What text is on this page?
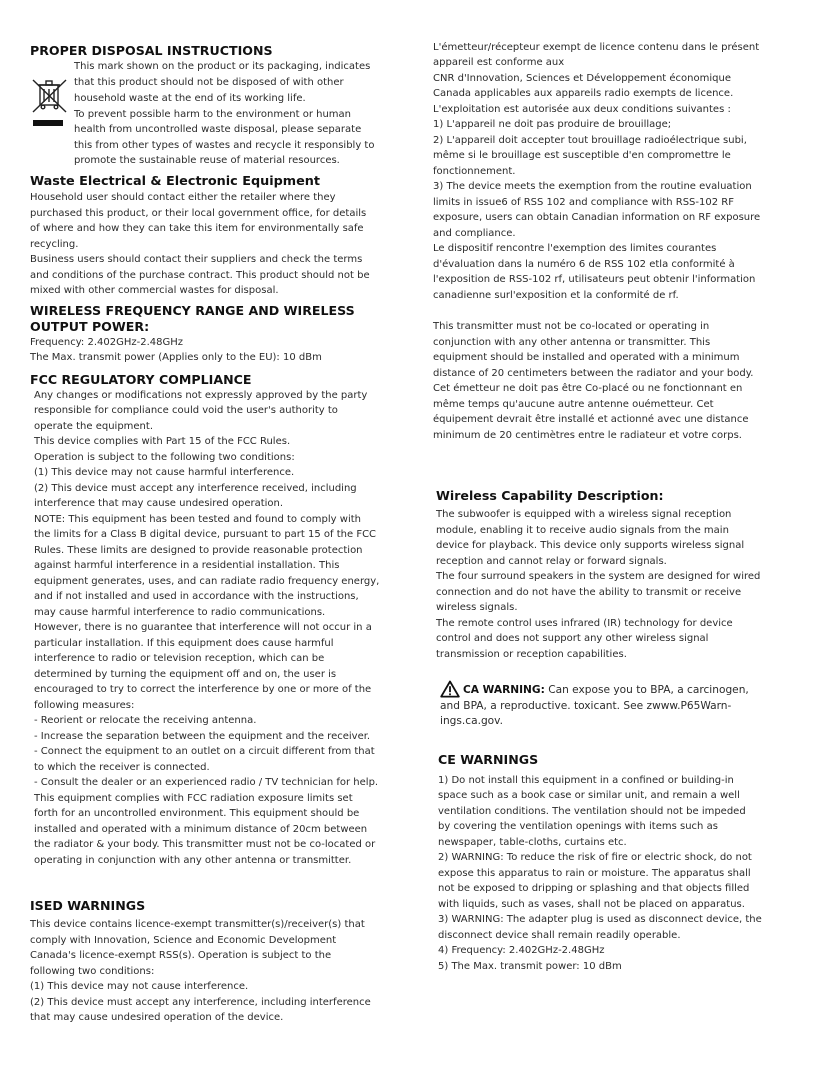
PROPER DISPOSAL INSTRUCTIONS
This mark shown on the product or its packaging, indicates
that this product should not be disposed of with other
household waste at the end of its working life.
To prevent possible harm to the environment or human
health from uncontrolled waste disposal, please separate
this from other types of wastes and recycle it responsibly to
promote the sustainable reuse of material resources.
Waste Electrical & Electronic Equipment
Household user should contact either the retailer where they
purchased this product, or their local government office, for details
of where and how they can take this item for environmentally safe
recycling.
Business users should contact their suppliers and check the terms
and conditions of the purchase contract. This product should not be
mixed with other commercial wastes for disposal.
WIRELESS FREQUENCY RANGE AND WIRELESS
OUTPUT POWER:
Frequency: 2.402GHz-2.48GHz
The Max. transmit power (Applies only to the EU): 10 dBm
FCC REGULATORY COMPLIANCE
Any changes or modifications not expressly approved by the party
responsible for compliance could void the user's authority to
operate the equipment.
This device complies with Part 15 of the FCC Rules.
Operation is subject to the following two conditions:
(1) This device may not cause harmful interference.
(2) This device must accept any interference received, including
interference that may cause undesired operation.
NOTE: This equipment has been tested and found to comply with
the limits for a Class B digital device, pursuant to part 15 of the FCC
Rules. These limits are designed to provide reasonable protection
against harmful interference in a residential installation. This
equipment generates, uses, and can radiate radio frequency energy,
and if not installed and used in accordance with the instructions,
may cause harmful interference to radio communications.
However, there is no guarantee that interference will not occur in a
particular installation. If this equipment does cause harmful
interference to radio or television reception, which can be
determined by turning the equipment off and on, the user is
encouraged to try to correct the interference by one or more of the
following measures:
- Reorient or relocate the receiving antenna.
- Increase the separation between the equipment and the receiver.
- Connect the equipment to an outlet on a circuit different from that
to which the receiver is connected.
- Consult the dealer or an experienced radio / TV technician for help.
This equipment complies with FCC radiation exposure limits set
forth for an uncontrolled environment. This equipment should be
installed and operated with a minimum distance of 20cm between
the radiator & your body. This transmitter must not be co-located or
operating in conjunction with any other antenna or transmitter.
ISED WARNINGS
This device contains licence-exempt transmitter(s)/receiver(s) that
comply with Innovation, Science and Economic Development
Canada's licence-exempt RSS(s). Operation is subject to the
following two conditions:
(1) This device may not cause interference.
(2) This device must accept any interference, including interference
that may cause undesired operation of the device.
L'émetteur/récepteur exempt de licence contenu dans le présent
appareil est conforme aux
CNR d'Innovation, Sciences et Développement économique
Canada applicables aux appareils radio exempts de licence.
L'exploitation est autorisée aux deux conditions suivantes :
1) L'appareil ne doit pas produire de brouillage;
2) L'appareil doit accepter tout brouillage radioélectrique subi,
même si le brouillage est susceptible d'en compromettre le
fonctionnement.
3) The device meets the exemption from the routine evaluation
limits in issue6 of RSS 102 and compliance with RSS-102 RF
exposure, users can obtain Canadian information on RF exposure
and compliance.
Le dispositif rencontre l'exemption des limites courantes
d'évaluation dans la numéro 6 de RSS 102 etla conformité à
l'exposition de RSS-102 rf, utilisateurs peut obtenir l'information
canadienne surl'exposition et la conformité de rf.
This transmitter must not be co-located or operating in
conjunction with any other antenna or transmitter. This
equipment should be installed and operated with a minimum
distance of 20 centimeters between the radiator and your body.
Cet émetteur ne doit pas être Co-placé ou ne fonctionnant en
même temps qu'aucune autre antenne ouémetteur. Cet
équipement devrait être installé et actionné avec une distance
minimum de 20 centimètres entre le radiateur et votre corps.
Wireless Capability Description:
The subwoofer is equipped with a wireless signal reception
module, enabling it to receive audio signals from the main
device for playback. This device only supports wireless signal
reception and cannot relay or forward signals.
The four surround speakers in the system are designed for wired
connection and do not have the ability to transmit or receive
wireless signals.
The remote control uses infrared (IR) technology for device
control and does not support any other wireless signal
transmission or reception capabilities.
CA WARNING: Can expose you to BPA, a carcinogen,
and BPA, a reproductive. toxicant. See zwww.P65Warn-
ings.ca.gov.
CE WARNINGS
1) Do not install this equipment in a confined or building-in
space such as a book case or similar unit, and remain a well
ventilation conditions. The ventilation should not be impeded
by covering the ventilation openings with items such as
newspaper, table-cloths, curtains etc.
2) WARNING: To reduce the risk of fire or electric shock, do not
expose this apparatus to rain or moisture. The apparatus shall
not be exposed to dripping or splashing and that objects filled
with liquids, such as vases, shall not be placed on apparatus.
3) WARNING: The adapter plug is used as disconnect device, the
disconnect device shall remain readily operable.
4) Frequency: 2.402GHz-2.48GHz
5) The Max. transmit power: 10 dBm
